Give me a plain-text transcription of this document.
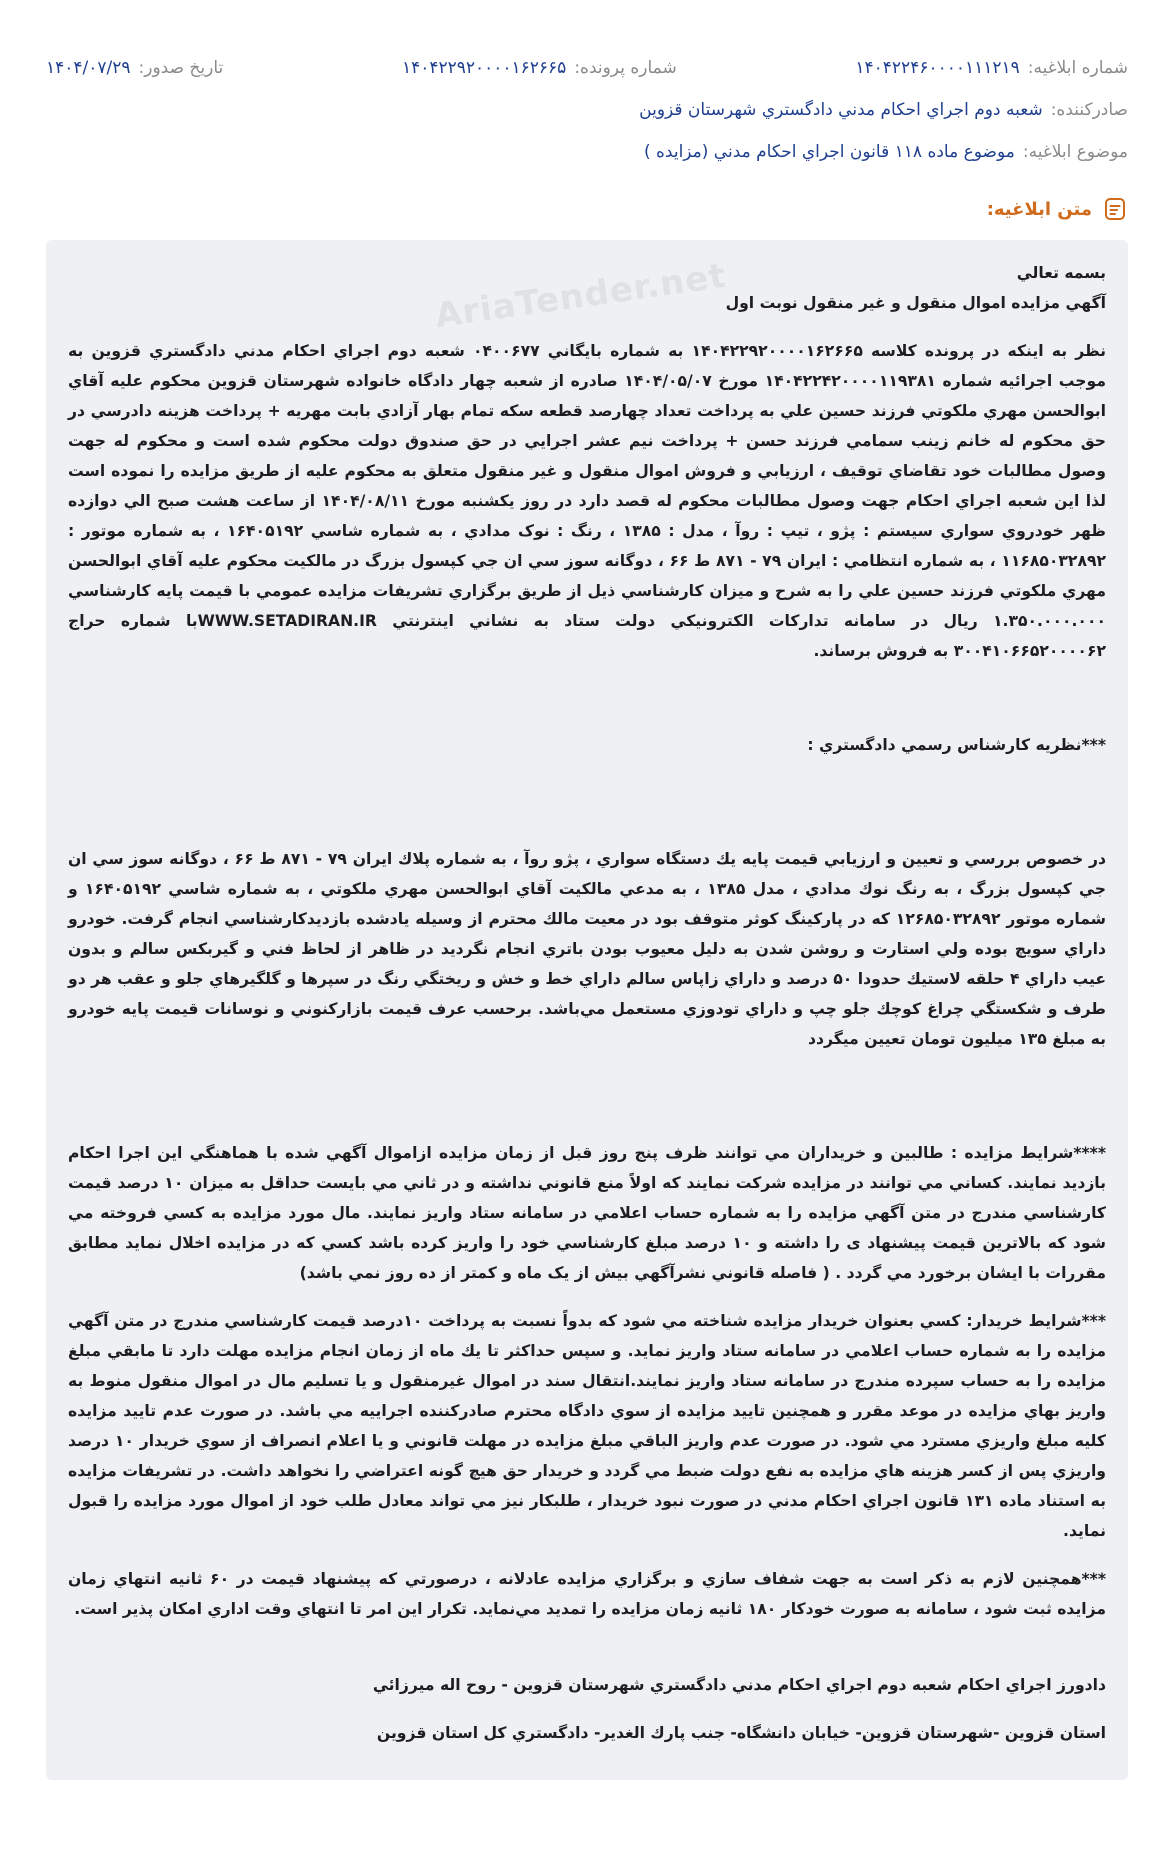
شماره ابلاغیه:
۱۴۰۴۲۲۴۶۰۰۰۰۱۱۱۲۱۹
شماره پرونده:
۱۴۰۴۲۲۹۲۰۰۰۰۱۶۲۶۶۵
تاریخ صدور:
۱۴۰۴/۰۷/۲۹
صادرکننده:
شعبه دوم اجراي احكام مدني دادگستري شهرستان قزوين
موضوع ابلاغیه:
موضوع ماده ۱۱۸ قانون اجراي احكام مدني (مزايده )
متن ابلاغیه:

بسمه تعالي

آگهي مزايده اموال منقول و غير منقول نوبت اول

نظر به اينكه در پرونده كلاسه ۱۴۰۴۲۲۹۲۰۰۰۰۱۶۲۶۶۵ به شماره بايگاني ۰۴۰۰۶۷۷ شعبه دوم اجراي احكام مدني دادگستري قزوين به موجب اجرائيه شماره ۱۴۰۴۲۲۴۲۰۰۰۰۱۱۹۳۸۱ مورخ ۱۴۰۴/۰۵/۰۷ صادره از شعبه چهار دادگاه خانواده شهرستان قزوين محكوم عليه آقاي ابوالحسن مهري ملكوتي فرزند حسين علي به پرداخت تعداد چهارصد قطعه سكه تمام بهار آزادي بابت مهريه + پرداخت هزينه دادرسي در حق محكوم له خانم زينب سمامي فرزند حسن + پرداخت نيم عشر اجرايي در حق صندوق دولت محكوم شده است و محكوم له جهت وصول مطالبات خود تقاضاي توقيف ، ارزيابي و فروش اموال منقول و غير منقول متعلق به محكوم عليه از طريق مزايده را نموده است لذا اين شعبه اجراي احكام جهت وصول مطالبات محكوم له قصد دارد در روز يكشنبه مورخ ۱۴۰۴/۰۸/۱۱ از ساعت هشت صبح الي دوازده ظهر خودروي سواري سيستم : پژو ، تيپ : روآ ، مدل : ۱۳۸۵ ، رنگ : نوک مدادي ، به شماره شاسي ۱۶۴۰۵۱۹۲ ، به شماره موتور : ۱۱۶۸۵۰۳۲۸۹۲ ، به شماره انتظامي : ايران ۷۹ - ۸۷۱ ط ۶۶ ، دوگانه سوز سي ان جي كپسول بزرگ در مالكيت محكوم عليه آقاي ابوالحسن مهري ملكوتي فرزند حسين علي را به شرح و ميزان كارشناسي ذيل از طريق برگزاري تشريفات مزايده عمومي با قيمت پايه كارشناسي ۱.۳۵۰.۰۰۰.۰۰۰ ريال در سامانه تداركات الكترونيكي دولت ستاد به نشاني اينترنتي WWW.SETADIRAN.IRبا شماره حراج ۳۰۰۴۱۰۶۶۵۲۰۰۰۰۶۲ به فروش برساند.

***نظريه كارشناس رسمي دادگستري :

در خصوص بررسي و تعيين و ارزيابي قيمت پايه يك دستگاه سواري ، پژو روآ ، به شماره پلاك ايران ۷۹ - ۸۷۱ ط ۶۶ ، دوگانه سوز سي ان جي كپسول بزرگ ، به رنگ نوك مدادي ، مدل ۱۳۸۵ ، به مدعي مالكيت آقاي ابوالحسن مهري ملكوتي ، به شماره شاسي ۱۶۴۰۵۱۹۲ و شماره موتور ۱۲۶۸۵۰۳۲۸۹۲ كه در پاركينگ كوثر متوقف بود در معيت مالك محترم از وسيله يادشده بازديدكارشناسي انجام گرفت. خودرو داراي سويچ بوده ولي استارت و روشن شدن به دليل معيوب بودن باتري انجام نگرديد در ظاهر از لحاظ فني و گيربكس سالم و بدون عيب داراي ۴ حلقه لاستيك حدودا ۵۰ درصد و داراي زاپاس سالم داراي خط و خش و ريختگي رنگ در سپرها و گلگيرهاي جلو و عقب هر دو طرف و شكستگي چراغ كوچك جلو چپ و داراي تودوزي مستعمل مي‌باشد. برحسب عرف قيمت بازاركنوني و نوسانات قيمت پايه خودرو به مبلغ ۱۳۵ ميليون تومان تعيين ميگردد

****شرايط مزايده : طالبين و خريداران مي توانند ظرف پنج روز قبل از زمان مزايده ازاموال آگهي شده با هماهنگي اين اجرا احكام بازديد نمايند. كساني مي توانند در مزايده شركت نمايند كه اولاً منع قانوني نداشته و در ثاني مي بايست حداقل به ميزان ۱۰ درصد قيمت كارشناسي مندرج در متن آگهي مزايده را به شماره حساب اعلامي در سامانه ستاد واريز نمايند. مال مورد مزايده به كسي فروخته مي شود كه بالاترين قيمت پيشنهاد ی را داشته و ۱۰ درصد مبلغ كارشناسي خود را واريز كرده باشد كسي كه در مزايده اخلال نمايد مطابق مقررات با ايشان برخورد مي گردد . ( فاصله قانوني نشرآگهي بيش از يک ماه و کمتر از ده روز نمي باشد)

***شرايط خريدار: كسي بعنوان خريدار مزايده شناخته مي شود كه بدواً نسبت به پرداخت ۱۰درصد قيمت كارشناسي مندرج در متن آگهي مزايده را به شماره حساب اعلامي در سامانه ستاد واريز نمايد. و سپس حداكثر تا يك ماه از زمان انجام مزايده مهلت دارد تا مابقي مبلغ مزايده را به حساب سپرده مندرج در سامانه ستاد واريز نمايند.انتقال سند در اموال غيرمنقول و يا تسليم مال در اموال منقول منوط به واريز بهاي مزايده در موعد مقرر و همچنين تاييد مزايده از سوي دادگاه محترم صادركننده اجراييه مي باشد. در صورت عدم تاييد مزايده كليه مبلغ واريزي مسترد مي شود. در صورت عدم واريز الباقي مبلغ مزايده در مهلت قانوني و يا اعلام انصراف از سوي خريدار ۱۰ درصد واريزي پس از كسر هزينه هاي مزايده به نفع دولت ضبط مي گردد و خريدار حق هيچ گونه اعتراضي را نخواهد داشت. در تشريفات مزايده به استناد ماده ۱۳۱ قانون اجراي احكام مدني در صورت نبود خريدار ، طلبكار نيز مي تواند معادل طلب خود از اموال مورد مزايده را قبول نمايد.

***همچنين لازم به ذكر است به جهت شفاف سازي و برگزاري مزايده عادلانه ، درصورتي كه پيشنهاد قيمت در ۶۰ ثانيه انتهاي زمان مزايده ثبت شود ، سامانه به صورت خودكار ۱۸۰ ثانيه زمان مزايده را تمديد مي‌نمايد. تكرار اين امر تا انتهاي وقت اداري امكان پذير است.

دادورز اجراي احكام شعبه دوم اجراي احكام مدني دادگستري شهرستان قزوين - روح اله ميرزائي

استان قزوين -شهرستان قزوين- خيابان دانشگاه- جنب پارك الغدير- دادگستري كل استان قزوين
